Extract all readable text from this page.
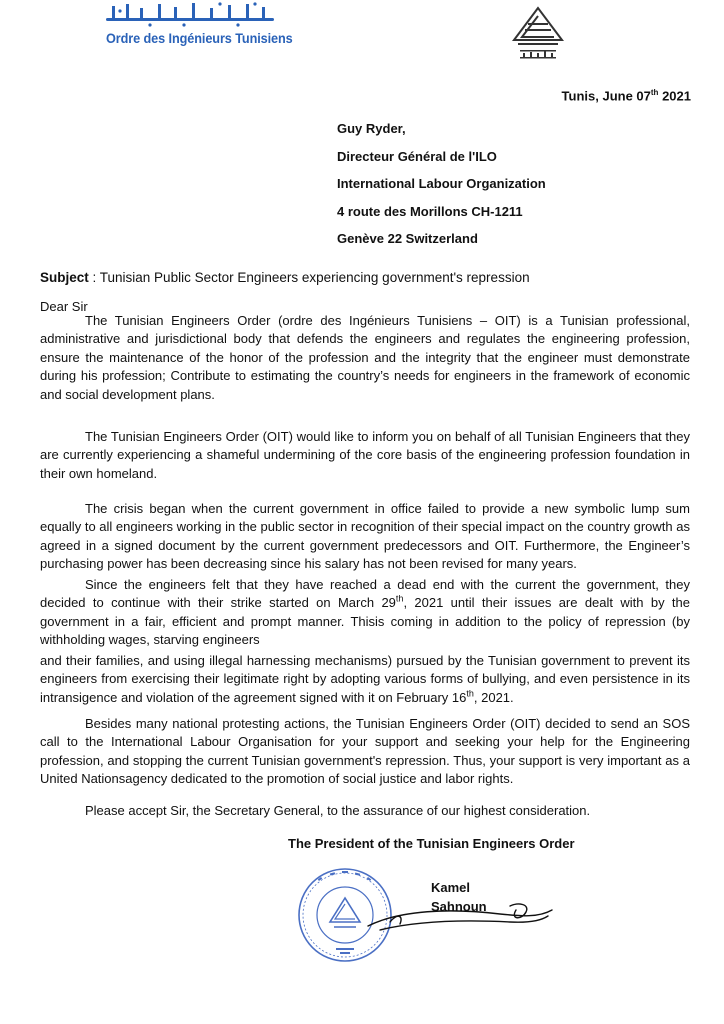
Ordre des Ingénieurs Tunisiens
Tunis, June 07th 2021
Guy Ryder,
Directeur Général de l'ILO
International Labour Organization
4 route des Morillons CH-1211
Genève 22 Switzerland
Subject : Tunisian Public Sector Engineers experiencing government's repression
Dear Sir
The Tunisian Engineers Order (ordre des Ingénieurs Tunisiens – OIT) is a Tunisian professional, administrative and jurisdictional body that defends the engineers and regulates the engineering profession, ensure the maintenance of the honor of the profession and the integrity that the engineer must demonstrate during his profession; Contribute to estimating the country’s needs for engineers in the framework of economic and social development plans.
The Tunisian Engineers Order (OIT) would like to inform you on behalf of all Tunisian Engineers that they are currently experiencing a shameful undermining of the core basis of the engineering profession foundation in their own homeland.
The crisis began when the current government in office failed to provide a new symbolic lump sum equally to all engineers working in the public sector in recognition of their special impact on the country growth as agreed in a signed document by the current government predecessors and OIT. Furthermore, the Engineer’s purchasing power has been decreasing since his salary has not been revised for many years.
Since the engineers felt that they have reached a dead end with the current the government, they decided to continue with their strike started on March 29th, 2021 until their issues are dealt with by the government in a fair, efficient and prompt manner. Thisis coming in addition to the policy of repression (by withholding wages, starving engineers
and their families, and using illegal harnessing mechanisms) pursued by the Tunisian government to prevent its engineers from exercising their legitimate right by adopting various forms of bullying, and even persistence in its intransigence and violation of the agreement signed with it on February 16th, 2021.
Besides many national protesting actions, the Tunisian Engineers Order (OIT) decided to send an SOS call to the International Labour Organisation for your support and seeking your help for the Engineering profession, and stopping the current Tunisian government's repression. Thus, your support is very important as a United Nationsagency dedicated to the promotion of social justice and labor rights.
Please accept Sir, the Secretary General, to the assurance of our highest consideration.
The President of the Tunisian Engineers Order
Kamel
Sahnoun
